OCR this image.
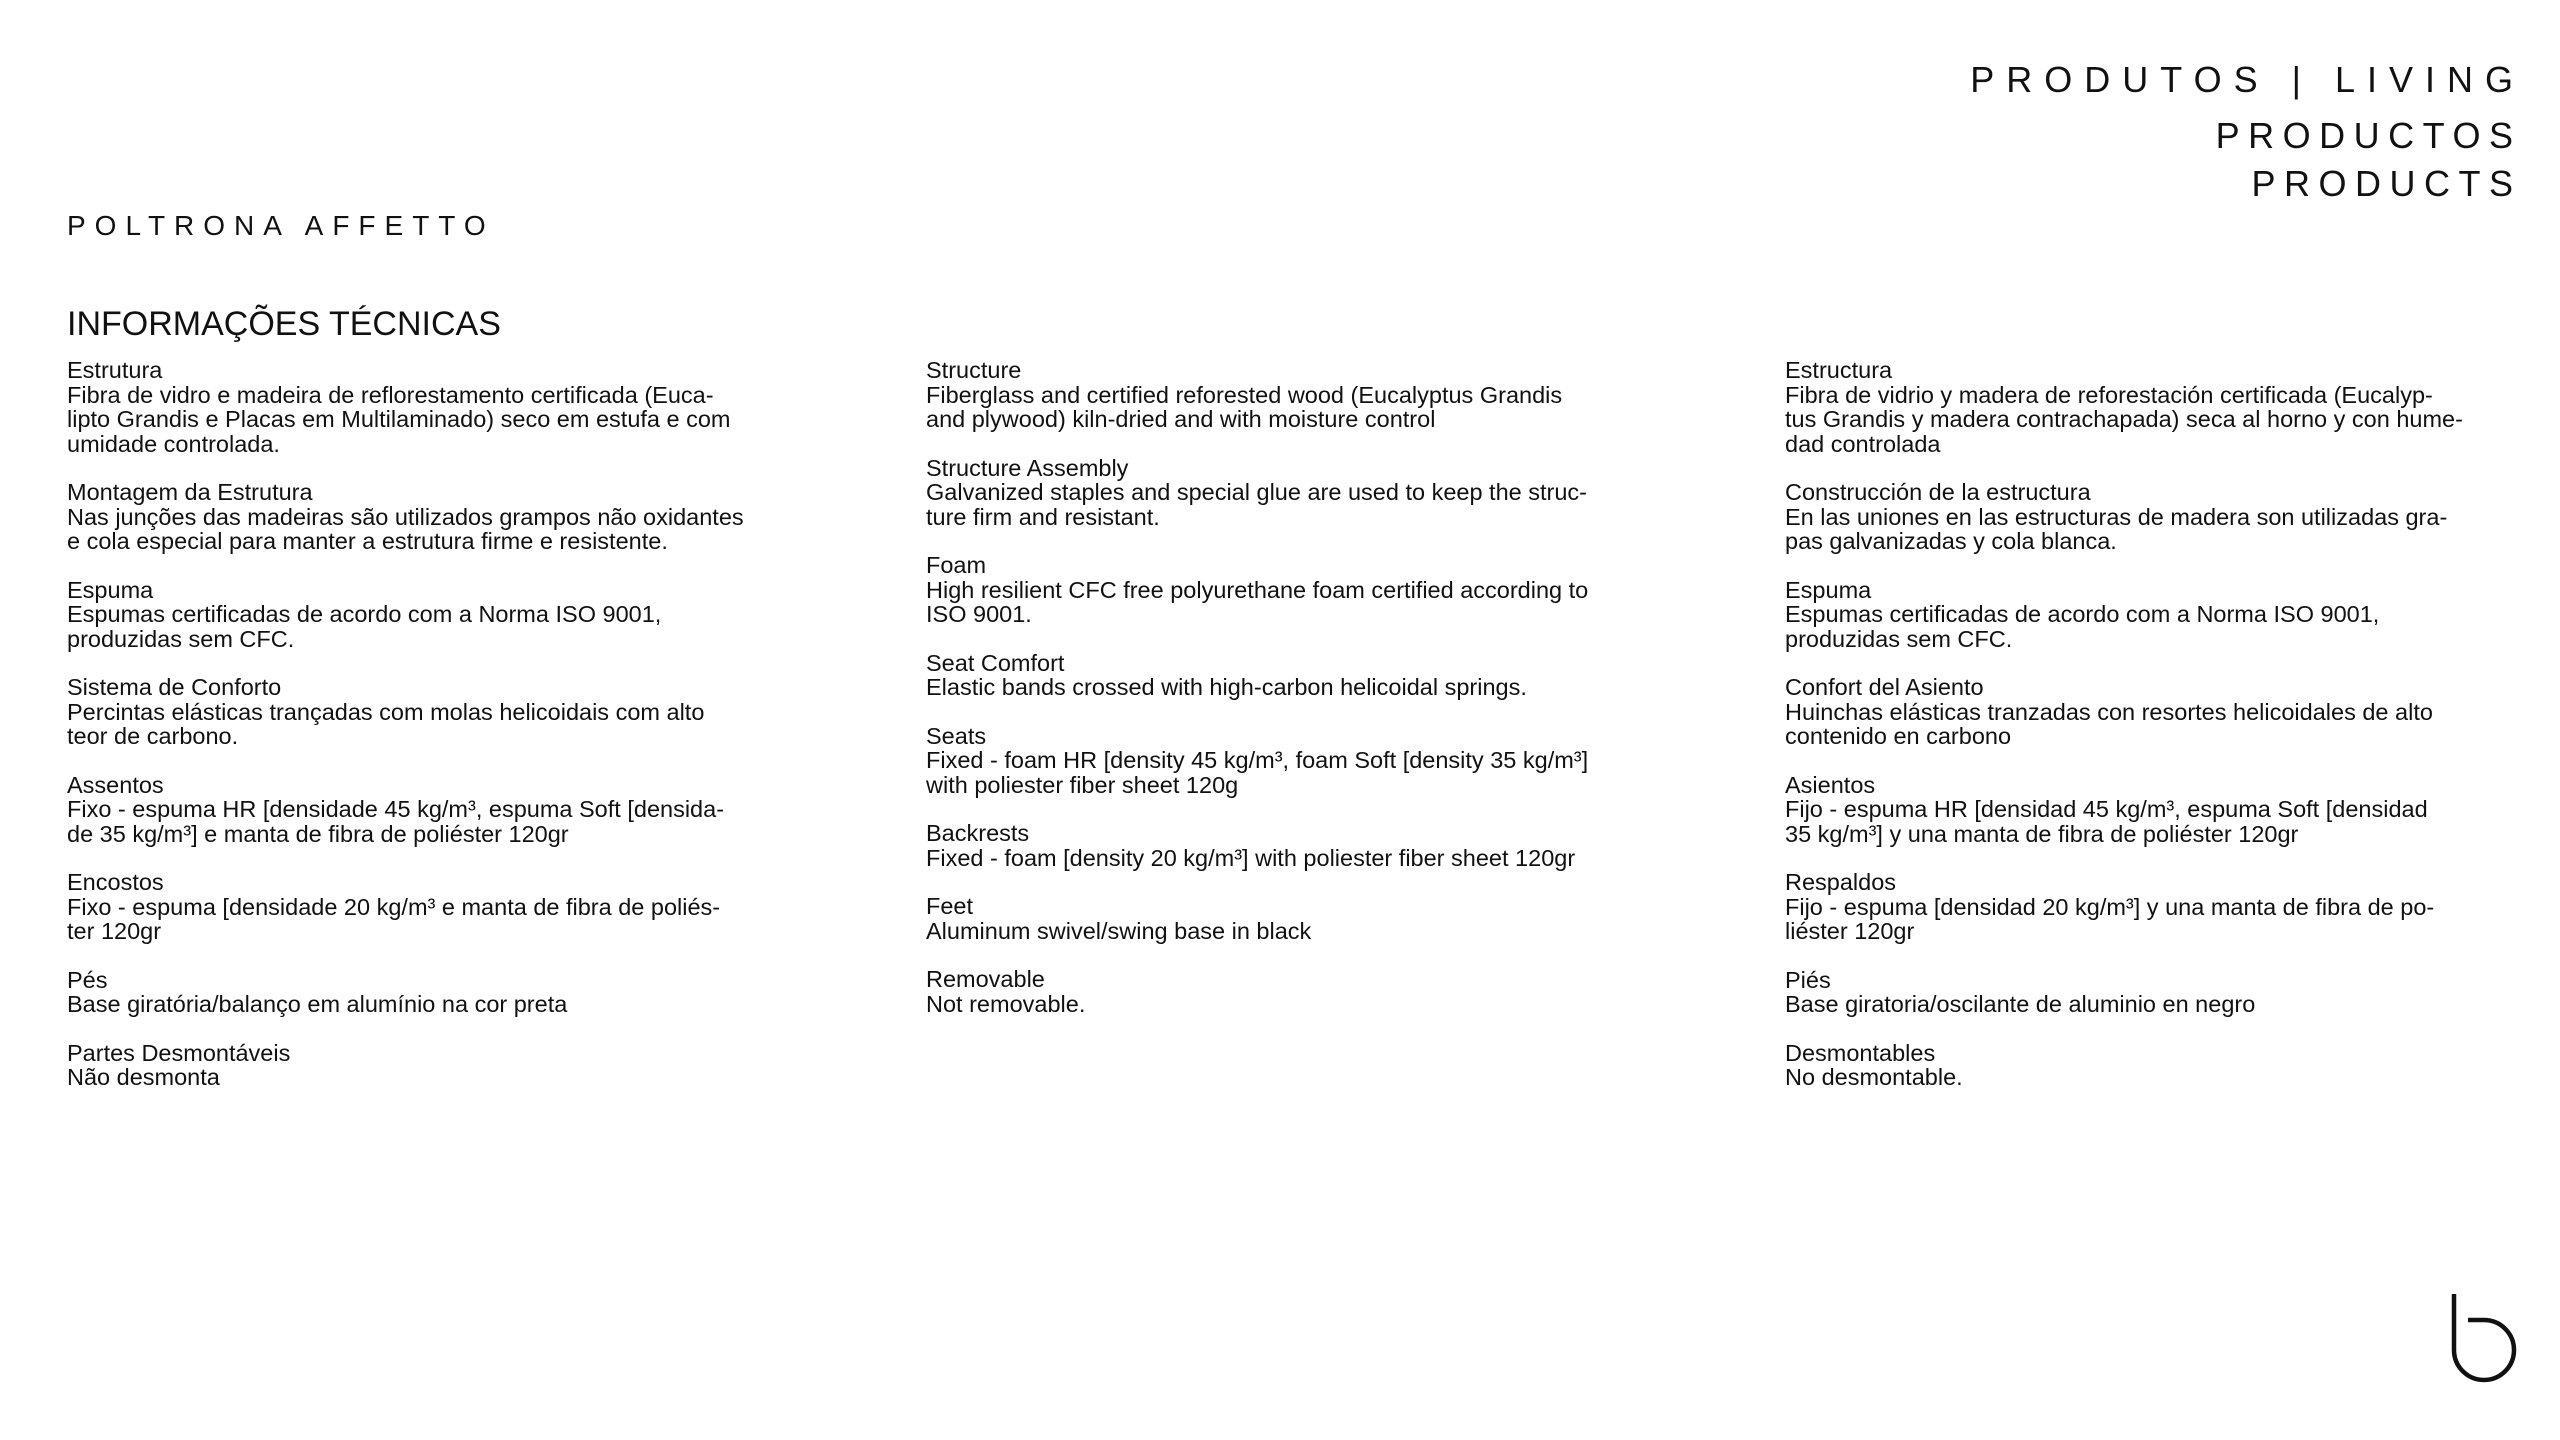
PRODUTOS | LIVING
PRODUCTOS
PRODUCTS
POLTRONA AFFETTO
INFORMAÇÕES TÉCNICAS
Estrutura
Fibra de vidro e madeira de reflorestamento certificada (Euca-
lipto Grandis e Placas em Multilaminado) seco em estufa e com
umidade controlada.
Montagem da Estrutura
Nas junções das madeiras são utilizados grampos não oxidantes
e cola especial para manter a estrutura firme e resistente.
Espuma
Espumas certificadas de acordo com a Norma ISO 9001,
produzidas sem CFC.
Sistema de Conforto
Percintas elásticas trançadas com molas helicoidais com alto
teor de carbono.
Assentos
Fixo - espuma HR [densidade 45 kg/m³, espuma Soft [densida-
de 35 kg/m³] e manta de fibra de poliéster 120gr
Encostos
Fixo - espuma [densidade 20 kg/m³ e manta de fibra de poliés-
ter 120gr
Pés
Base giratória/balanço em alumínio na cor preta
Partes Desmontáveis
Não desmonta
Structure
Fiberglass and certified reforested wood (Eucalyptus Grandis
and plywood) kiln-dried and with moisture control
Structure Assembly
Galvanized staples and special glue are used to keep the struc-
ture firm and resistant.
Foam
High resilient CFC free polyurethane foam certified according to
ISO 9001.
Seat Comfort
Elastic bands crossed with high-carbon helicoidal springs.
Seats
Fixed - foam HR [density 45 kg/m³, foam Soft [density 35 kg/m³]
with poliester fiber sheet 120g
Backrests
Fixed - foam [density 20 kg/m³] with poliester fiber sheet 120gr
Feet
Aluminum swivel/swing base in black
Removable
Not removable.
Estructura
Fibra de vidrio y madera de reforestación certificada (Eucalyp-
tus Grandis y madera contrachapada) seca al horno y con hume-
dad controlada
Construcción de la estructura
En las uniones en las estructuras de madera son utilizadas gra-
pas galvanizadas y cola blanca.
Espuma
Espumas certificadas de acordo com a Norma ISO 9001,
produzidas sem CFC.
Confort del Asiento
Huinchas elásticas tranzadas con resortes helicoidales de alto
contenido en carbono
Asientos
Fijo - espuma HR [densidad 45 kg/m³, espuma Soft [densidad
35 kg/m³] y una manta de fibra de poliéster 120gr
Respaldos
Fijo - espuma [densidad 20 kg/m³] y una manta de fibra de po-
liéster 120gr
Piés
Base giratoria/oscilante de aluminio en negro
Desmontables
No desmontable.
